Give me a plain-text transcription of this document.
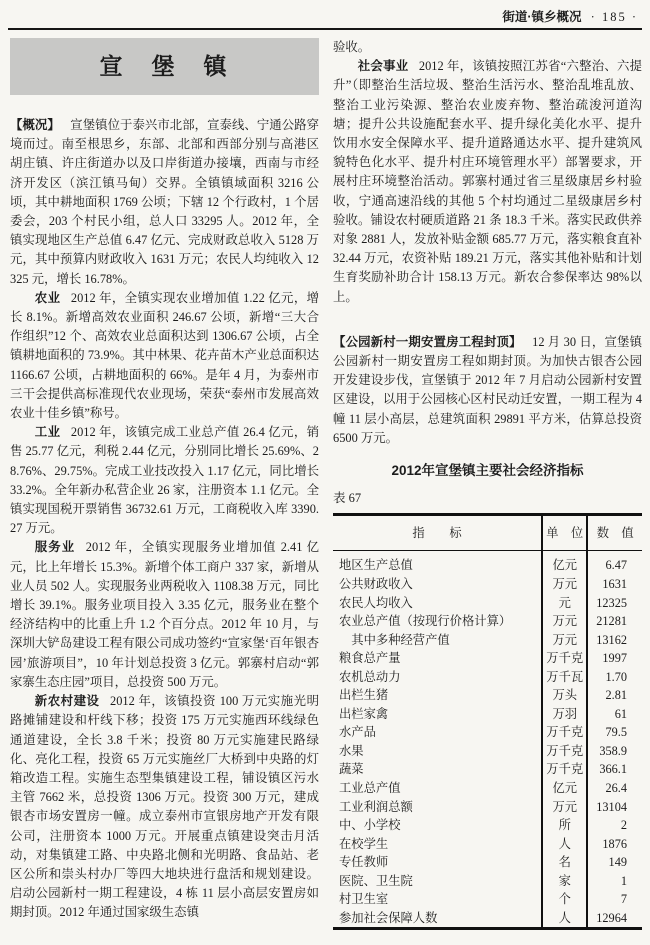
街道·镇乡概况 · 185 ·
宣　堡　镇

【概况】 宣堡镇位于泰兴市北部，宣泰线、宁通公路穿境而过。南至根思乡，东部、北部和西部分别与高港区胡庄镇、许庄街道办以及口岸街道办接壤，西南与市经济开发区（滨江镇马甸）交界。全镇镇域面积 3216 公顷，其中耕地面积 1769 公顷；下辖 12 个行政村，1 个居委会，203 个村民小组，总人口 33295 人。2012 年，全镇实现地区生产总值 6.47 亿元、完成财政总收入 5128 万元，其中预算内财政收入 1631 万元；农民人均纯收入 12325 元，增长 16.78%。

农业 2012 年，全镇实现农业增加值 1.22 亿元，增长 8.1%。新增高效农业面积 246.67 公顷，新增“三大合作组织”12 个、高效农业总面积达到 1306.67 公顷，占全镇耕地面积的 73.9%。其中林果、花卉苗木产业总面积达 1166.67 公顷，占耕地面积的 66%。是年 4 月，为泰州市三干会提供高标准现代农业现场，荣获“泰州市发展高效农业十佳乡镇”称号。

工业 2012 年，该镇完成工业总产值 26.4 亿元，销售 25.77 亿元，利税 2.44 亿元，分别同比增长 25.69%、28.76%、29.75%。完成工业技改投入 1.17 亿元，同比增长 33.2%。全年新办私营企业 26 家，注册资本 1.1 亿元。全镇实现国税开票销售 36732.61 万元，工商税收入库 3390.27 万元。

服务业 2012 年，全镇实现服务业增加值 2.41 亿元，比上年增长 15.3%。新增个体工商户 337 家，新增从业人员 502 人。实现服务业两税收入 1108.38 万元，同比增长 39.1%。服务业项目投入 3.35 亿元，服务业在整个经济结构中的比重上升 1.2 个百分点。2012 年 10 月，与深圳大铲岛建设工程有限公司成功签约“宣家堡‘百年银杏园’旅游项目”，10 年计划总投资 3 亿元。郭寨村启动“郭家寨生态庄园”项目，总投资 500 万元。

新农村建设 2012 年，该镇投资 100 万元实施光明路摊铺建设和杆线下移；投资 175 万元实施西环线绿色通道建设，全长 3.8 千米；投资 80 万元实施建民路绿化、亮化工程，投资 65 万元实施丝厂大桥到中央路的灯箱改造工程。实施生态型集镇建设工程，铺设镇区污水主管 7662 米，总投资 1306 万元。投资 300 万元，建成银杏市场安置房一幢。成立泰州市宣银房地产开发有限公司，注册资本 1000 万元。开展重点镇建设突击月活动，对集镇建工路、中央路北侧和光明路、食品站、老区公所和崇头村办厂等四大地块进行盘活和规划建设。启动公园新村一期工程建设，4 栋 11 层小高层安置房如期封顶。2012 年通过国家级生态镇

验收。

社会事业 2012 年，该镇按照江苏省“六整治、六提升”（即整治生活垃圾、整治生活污水、整治乱堆乱放、整治工业污染源、整治农业废弃物、整治疏浚河道沟塘；提升公共设施配套水平、提升绿化美化水平、提升饮用水安全保障水平、提升道路通达水平、提升建筑风貌特色化水平、提升村庄环境管理水平）部署要求，开展村庄环境整治活动。郭寨村通过省三星级康居乡村验收，宁通高速沿线的其他 5 个村均通过二星级康居乡村验收。铺设农村硬质道路 21 条 18.3 千米。落实民政供养对象 2881 人，发放补贴金额 685.77 万元，落实粮食直补 32.44 万元，农资补贴 189.21 万元，落实其他补贴和计划生育奖励补助合计 158.13 万元。新农合参保率达 98%以上。

【公园新村一期安置房工程封顶】 12 月 30 日，宣堡镇公园新村一期安置房工程如期封顶。为加快古银杏公园开发建设步伐，宣堡镇于 2012 年 7 月启动公园新村安置区建设，以用于公园核心区村民动迁安置，一期工程为 4 幢 11 层小高层，总建筑面积 29891 平方米，估算总投资 6500 万元。

2012年宣堡镇主要社会经济指标
表 67
指　　标	单　位	数　值
地区生产总值	亿元	6.47
公共财政收入	万元	1631
农民人均收入	元	12325
农业总产值（按现行价格计算）	万元	21281
　其中多种经营产值	万元	13162
粮食总产量	万千克	1997
农机总动力	万千瓦	1.70
出栏生猪	万头	2.81
出栏家禽	万羽	61
水产品	万千克	79.5
水果	万千克	358.9
蔬菜	万千克	366.1
工业总产值	亿元	26.4
工业利润总额	万元	13104
中、小学校	所	2
在校学生	人	1876
专任教师	名	149
医院、卫生院	家	1
村卫生室	个	7
参加社会保障人数	人	12964
